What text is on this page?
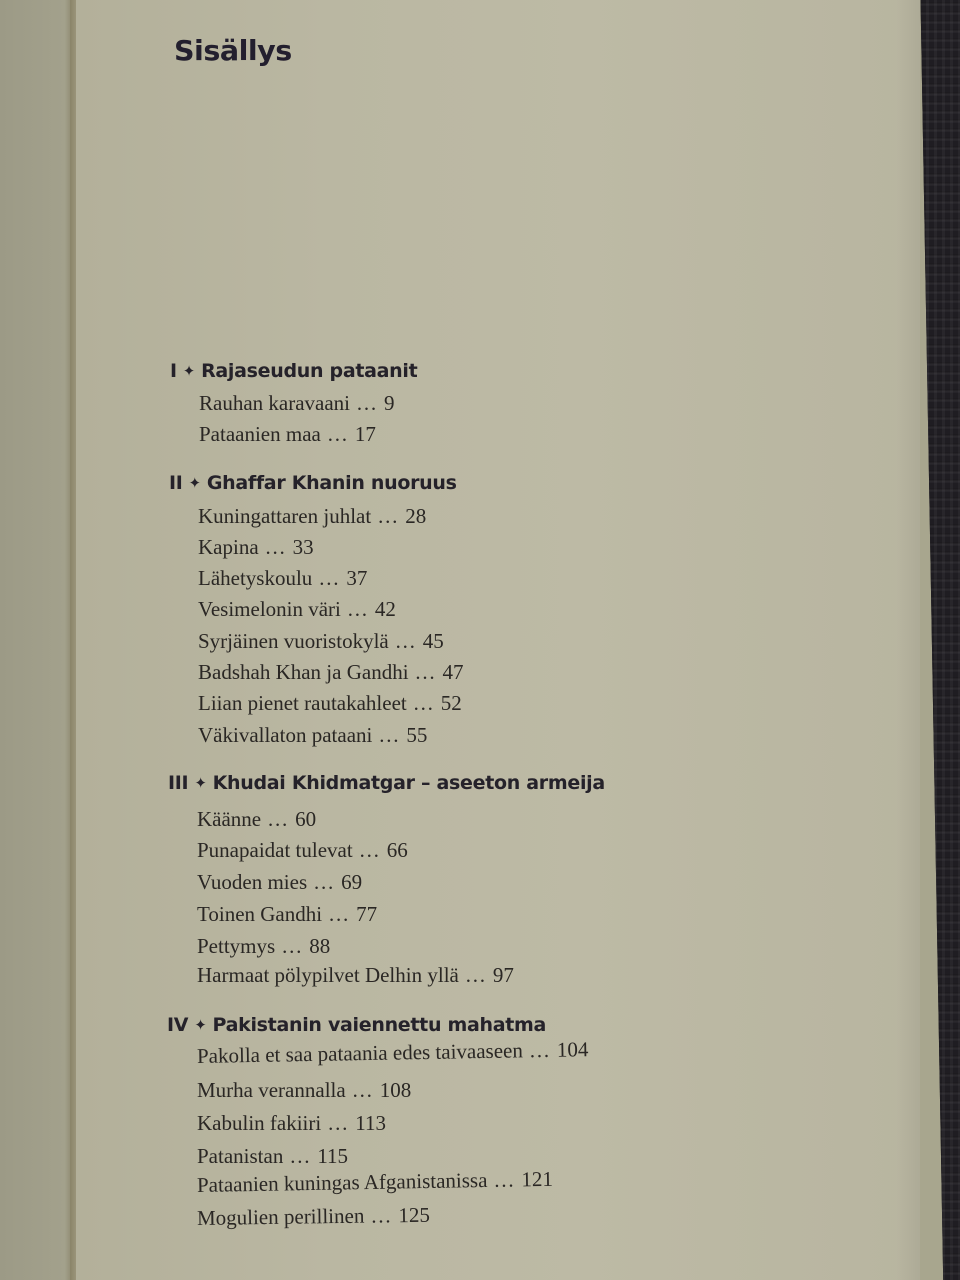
Sisällys
I ✦ Rajaseudun pataanit
Rauhan karavaani … 9
Pataanien maa … 17
II ✦ Ghaffar Khanin nuoruus
Kuningattaren juhlat … 28
Kapina … 33
Lähetyskoulu … 37
Vesimelonin väri … 42
Syrjäinen vuoristokylä … 45
Badshah Khan ja Gandhi … 47
Liian pienet rautakahleet … 52
Väkivallaton pataani … 55
III ✦ Khudai Khidmatgar – aseeton armeija
Käänne … 60
Punapaidat tulevat … 66
Vuoden mies … 69
Toinen Gandhi … 77
Pettymys … 88
Harmaat pölypilvet Delhin yllä … 97
IV ✦ Pakistanin vaiennettu mahatma
Pakolla et saa pataania edes taivaaseen … 104
Murha verannalla … 108
Kabulin fakiiri … 113
Patanistan … 115
Pataanien kuningas Afganistanissa … 121
Mogulien perillinen … 125
